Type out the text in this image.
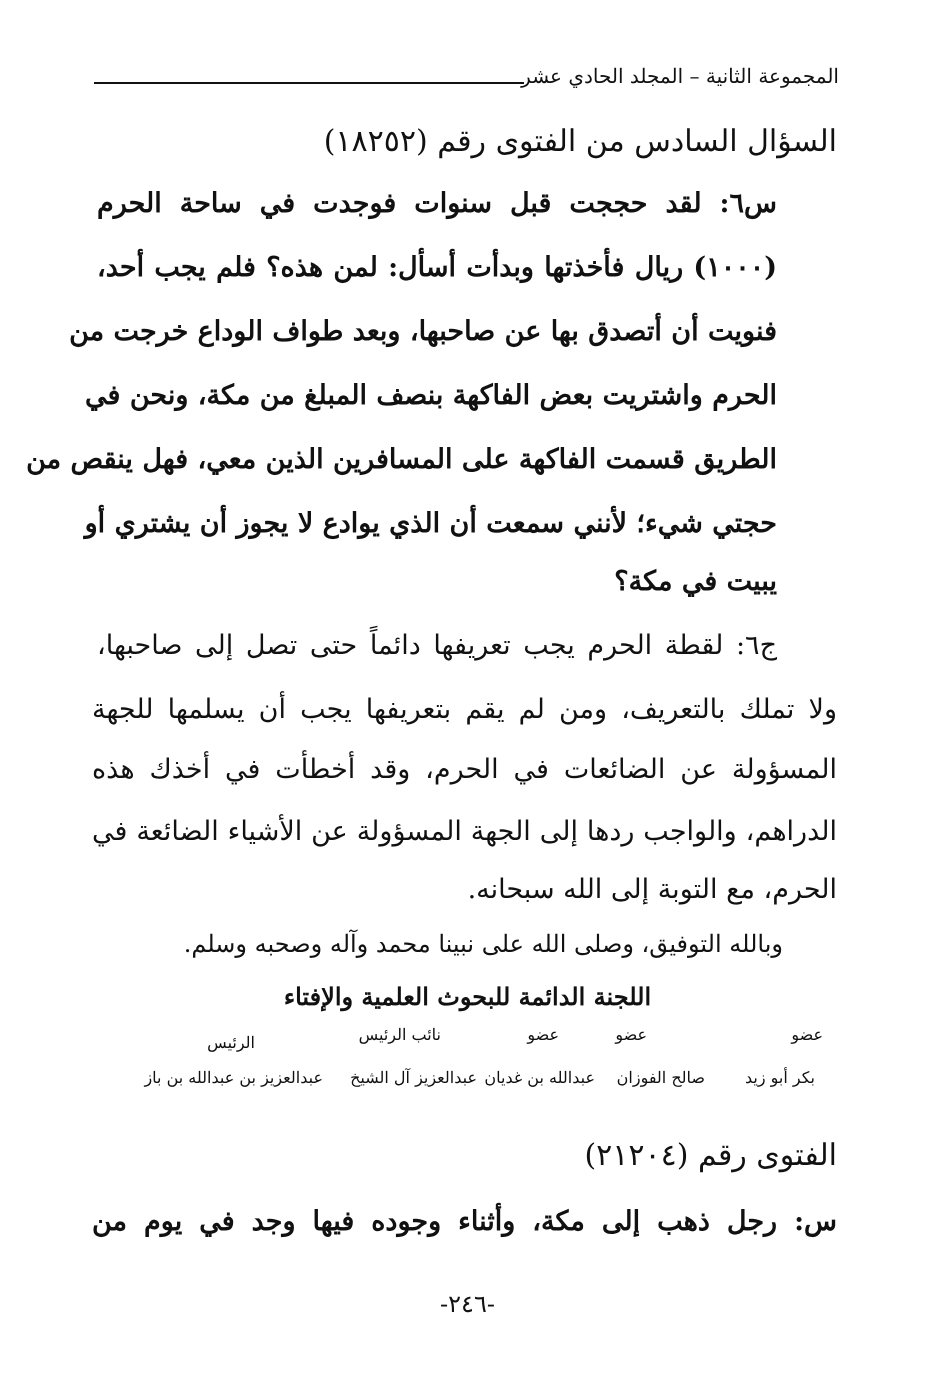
المجموعة الثانية – المجلد الحادي عشر
السؤال السادس من الفتوى رقم (١٨٢٥٢)
س٦: لقد حججت قبل سنوات فوجدت في ساحة الحرم
(١٠٠٠) ريال فأخذتها وبدأت أسأل: لمن هذه؟ فلم يجب أحد،
فنويت أن أتصدق بها عن صاحبها، وبعد طواف الوداع خرجت من
الحرم واشتريت بعض الفاكهة بنصف المبلغ من مكة، ونحن في
الطريق قسمت الفاكهة على المسافرين الذين معي، فهل ينقص من
حجتي شيء؛ لأنني سمعت أن الذي يوادع لا يجوز أن يشتري أو
يبيت في مكة؟
ج٦: لقطة الحرم يجب تعريفها دائماً حتى تصل إلى صاحبها،
ولا تملك بالتعريف، ومن لم يقم بتعريفها يجب أن يسلمها للجهة
المسؤولة عن الضائعات في الحرم، وقد أخطأت في أخذك هذه
الدراهم، والواجب ردها إلى الجهة المسؤولة عن الأشياء الضائعة في
الحرم، مع التوبة إلى الله سبحانه.
وبالله التوفيق، وصلى الله على نبينا محمد وآله وصحبه وسلم.
اللجنة الدائمة للبحوث العلمية والإفتاء
عضو
عضو
عضو
نائب الرئيس
الرئيس
بكر أبو زيد
صالح الفوزان
عبدالله بن غديان
عبدالعزيز آل الشيخ
عبدالعزيز بن عبدالله بن باز
الفتوى رقم (٢١٢٠٤)
س: رجل ذهب إلى مكة، وأثناء وجوده فيها وجد في يوم من
-٢٤٦-
